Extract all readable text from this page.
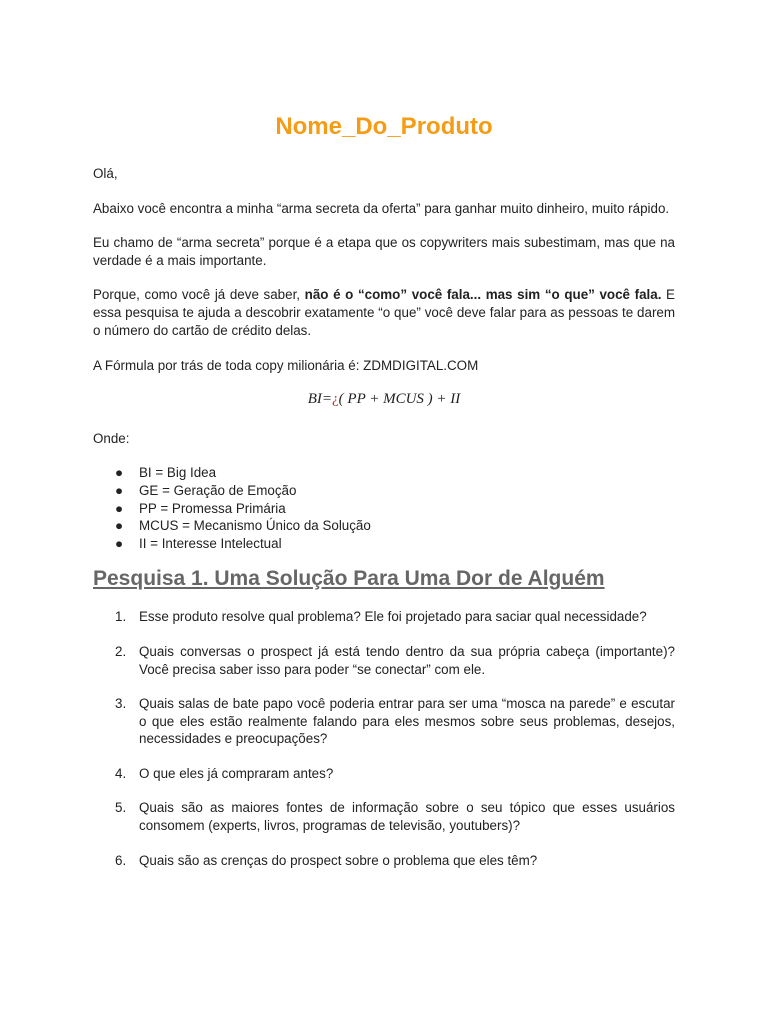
Nome_Do_Produto

Olá,

Abaixo você encontra a minha “arma secreta da oferta” para ganhar muito dinheiro, muito rápido.

Eu chamo de “arma secreta” porque é a etapa que os copywriters mais subestimam, mas que na verdade é a mais importante.

Porque, como você já deve saber, não é o “como” você fala... mas sim “o que” você fala. E essa pesquisa te ajuda a descobrir exatamente “o que” você deve falar para as pessoas te darem o número do cartão de crédito delas.

A Fórmula por trás de toda copy milionária é: ZDMDIGITAL.COM

BI=¿( PP + MCUS ) + II

Onde:

● BI = Big Idea
● GE = Geração de Emoção
● PP = Promessa Primária
● MCUS = Mecanismo Único da Solução
● II = Interesse Intelectual
Pesquisa 1. Uma Solução Para Uma Dor de Alguém
1. Esse produto resolve qual problema? Ele foi projetado para saciar qual necessidade?
2. Quais conversas o prospect já está tendo dentro da sua própria cabeça (importante)? Você precisa saber isso para poder “se conectar” com ele.
3. Quais salas de bate papo você poderia entrar para ser uma “mosca na parede” e escutar o que eles estão realmente falando para eles mesmos sobre seus problemas, desejos, necessidades e preocupações?
4. O que eles já compraram antes?
5. Quais são as maiores fontes de informação sobre o seu tópico que esses usuários consomem (experts, livros, programas de televisão, youtubers)?
6. Quais são as crenças do prospect sobre o problema que eles têm?
